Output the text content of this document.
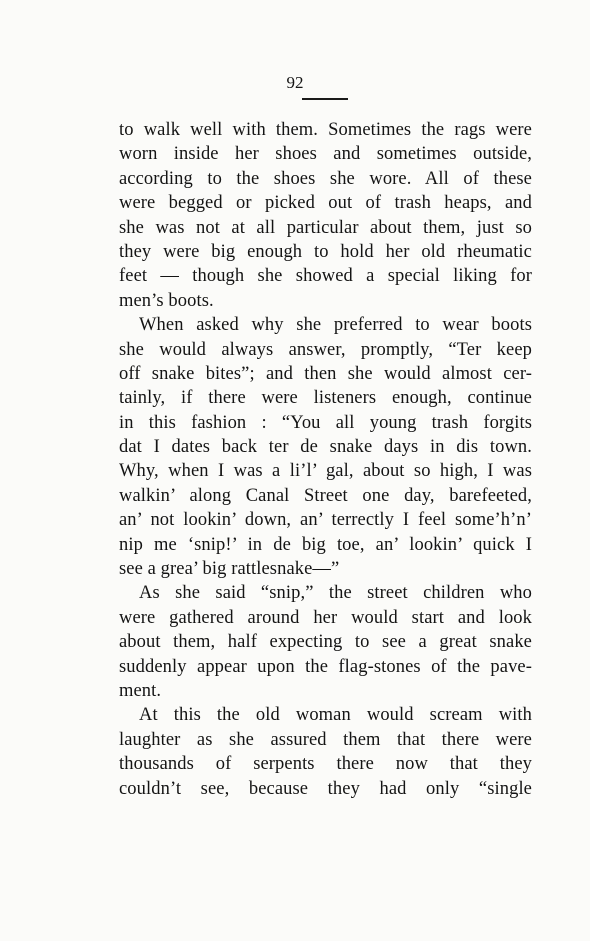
92
to walk well with them. Sometimes the rags were
worn inside her shoes and sometimes outside,
according to the shoes she wore. All of these
were begged or picked out of trash heaps, and
she was not at all particular about them, just so
they were big enough to hold her old rheumatic
feet — though she showed a special liking for
men’s boots.
When asked why she preferred to wear boots
she would always answer, promptly, “Ter keep
off snake bites”; and then she would almost cer-
tainly, if there were listeners enough, continue
in this fashion : “You all young trash forgits
dat I dates back ter de snake days in dis town.
Why, when I was a li’l’ gal, about so high, I was
walkin’ along Canal Street one day, barefeeted,
an’ not lookin’ down, an’ terrectly I feel some’h’n’
nip me ‘snip!’ in de big toe, an’ lookin’ quick I
see a grea’ big rattlesnake—”
As she said “snip,” the street children who
were gathered around her would start and look
about them, half expecting to see a great snake
suddenly appear upon the flag-stones of the pave-
ment.
At this the old woman would scream with
laughter as she assured them that there were
thousands of serpents there now that they
couldn’t see, because they had only “single
